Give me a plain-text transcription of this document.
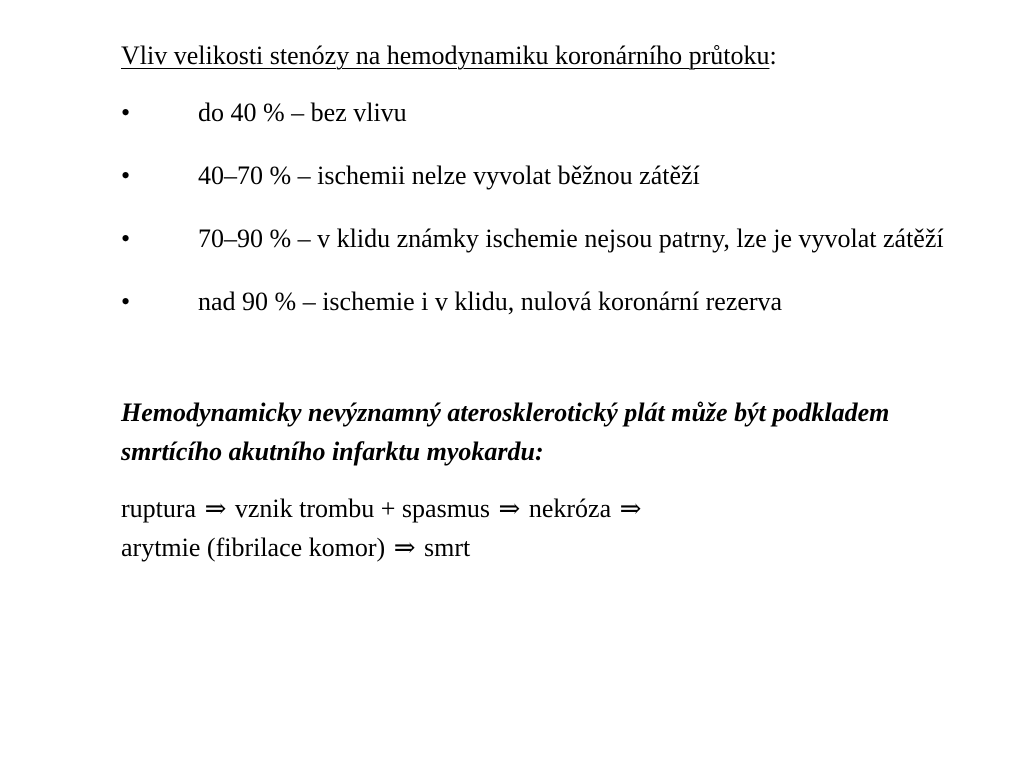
Vliv velikosti stenózy na hemodynamiku koronárního průtoku:

•	do 40 % – bez vlivu
•	40–70 % – ischemii nelze vyvolat běžnou zátěží
•	70–90 % – v klidu známky ischemie nejsou patrny, lze je vyvolat zátěží
•	nad 90 % – ischemie i v klidu, nulová koronární rezerva

Hemodynamicky nevýznamný aterosklerotický plát může být podkladem smrtícího akutního infarktu myokardu:

ruptura ⇒ vznik trombu + spasmus ⇒ nekróza ⇒
arytmie (fibrilace komor) ⇒ smrt
